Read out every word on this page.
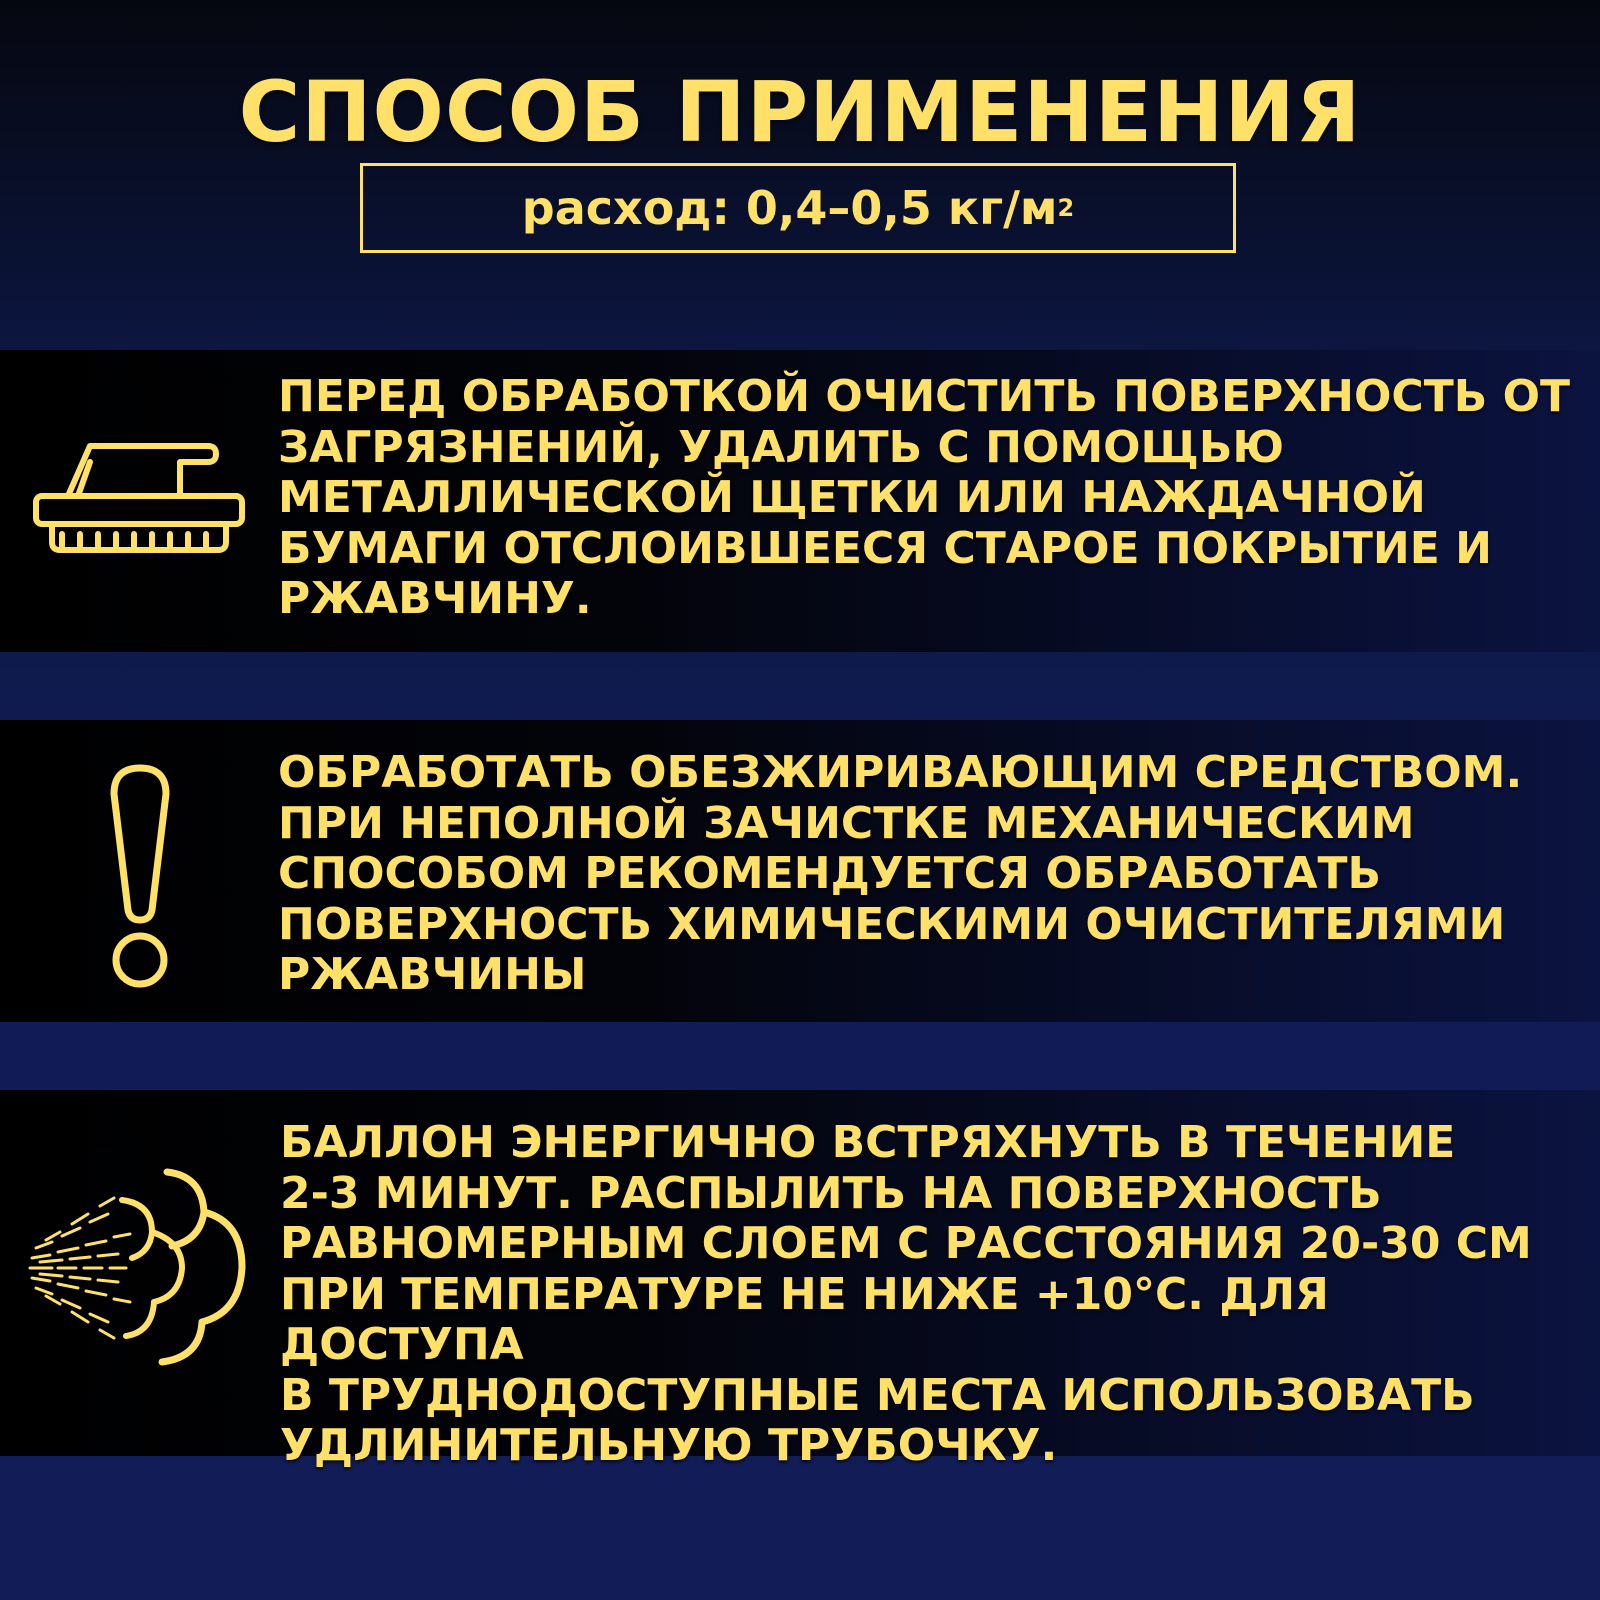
СПОСОБ ПРИМЕНЕНИЯ
расход: 0,4–0,5 кг/м 2
ПЕРЕД ОБРАБОТКОЙ ОЧИСТИТЬ ПОВЕРХНОСТЬ ОТ
ЗАГРЯЗНЕНИЙ, УДАЛИТЬ С ПОМОЩЬЮ
МЕТАЛЛИЧЕСКОЙ ЩЕТКИ ИЛИ НАЖДАЧНОЙ
БУМАГИ ОТСЛОИВШЕЕСЯ СТАРОЕ ПОКРЫТИЕ И
РЖАВЧИНУ.
ОБРАБОТАТЬ ОБЕЗЖИРИВАЮЩИМ СРЕДСТВОМ.
ПРИ НЕПОЛНОЙ ЗАЧИСТКЕ МЕХАНИЧЕСКИМ
СПОСОБОМ РЕКОМЕНДУЕТСЯ ОБРАБОТАТЬ
ПОВЕРХНОСТЬ ХИМИЧЕСКИМИ ОЧИСТИТЕЛЯМИ
РЖАВЧИНЫ
БАЛЛОН ЭНЕРГИЧНО ВСТРЯХНУТЬ В ТЕЧЕНИЕ
2-3 МИНУТ. РАСПЫЛИТЬ НА ПОВЕРХНОСТЬ
РАВНОМЕРНЫМ СЛОЕМ С РАССТОЯНИЯ 20-30 СМ
ПРИ ТЕМПЕРАТУРЕ НЕ НИЖЕ +10°С. ДЛЯ ДОСТУПА
В ТРУДНОДОСТУПНЫЕ МЕСТА ИСПОЛЬЗОВАТЬ
УДЛИНИТЕЛЬНУЮ ТРУБОЧКУ.
